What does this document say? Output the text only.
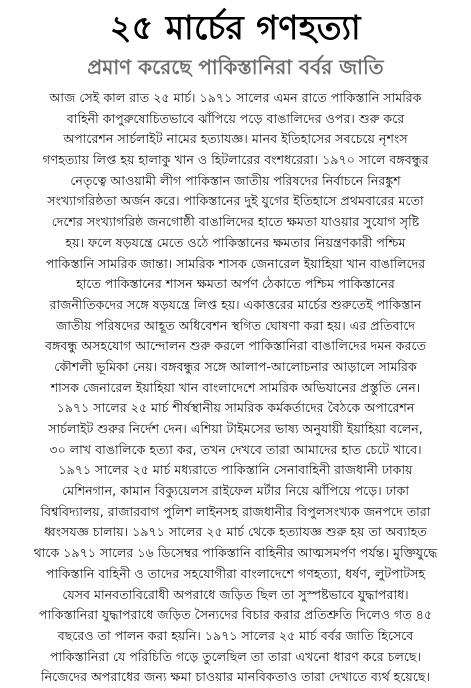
২৫ মার্চের গণহত্যা
প্রমাণ করেছে পাকিস্তানিরা বর্বর জাতি
আজ সেই কাল রাত ২৫ মার্চ। ১৯৭১ সালের এমন রাতে পাকিস্তানি সামরিক
বাহিনী কাপুরুষোচিতভাবে ঝাঁপিয়ে পড়ে বাঙালিদের ওপর। শুরু করে
অপারেশন সার্চলাইট নামের হত্যাযজ্ঞ। মানব ইতিহাসের সবচেয়ে নৃশংস
গণহত্যায় লিপ্ত হয় হালাকু খান ও হিটলারের বংশধরেরা। ১৯৭০ সালে বঙ্গবন্ধুর
নেতৃত্বে আওয়ামী লীগ পাকিস্তান জাতীয় পরিষদের নির্বাচনে নিরঙ্কুশ
সংখ্যাগরিষ্ঠতা অর্জন করে। পাকিস্তানের দুই যুগের ইতিহাসে প্রথমবারের মতো
দেশের সংখ্যাগরিষ্ঠ জনগোষ্ঠী বাঙালিদের হাতে ক্ষমতা যাওয়ার সুযোগ সৃষ্টি
হয়। ফলে ষড়যন্ত্রে মেতে ওঠে পাকিস্তানের ক্ষমতার নিয়ন্ত্রণকারী পশ্চিম
পাকিস্তানি সামরিক জান্তা। সামরিক শাসক জেনারেল ইয়াহিয়া খান বাঙালিদের
হাতে পাকিস্তানের শাসন ক্ষমতা অর্পণ ঠেকাতে পশ্চিম পাকিস্তানের
রাজনীতিকদের সঙ্গে ষড়যন্ত্রে লিপ্ত হয়। একাত্তরের মার্চের শুরুতেই পাকিস্তান
জাতীয় পরিষদের আহূত অধিবেশন স্থগিত ঘোষণা করা হয়। এর প্রতিবাদে
বঙ্গবন্ধু অসহযোগ আন্দোলন শুরু করলে পাকিস্তানিরা বাঙালিদের দমন করতে
কৌশলী ভূমিকা নেয়। বঙ্গবন্ধুর সঙ্গে আলাপ-আলোচনার আড়ালে সামরিক
শাসক জেনারেল ইয়াহিয়া খান বাংলাদেশে সামরিক অভিযানের প্রস্তুতি নেন।
১৯৭১ সালের ২৫ মার্চ শীর্ষস্থানীয় সামরিক কর্মকর্তাদের বৈঠকে অপারেশন
সার্চলাইট শুরুর নির্দেশ দেন। এশিয়া টাইমসের ভাষ্য অনুযায়ী ইয়াহিয়া বলেন,
৩০ লাখ বাঙালিকে হত্যা কর, তখন দেখবে তারা আমাদের হাত চেটে খাবে।
১৯৭১ সালের ২৫ মার্চ মধ্যরাতে পাকিস্তানি সেনাবাহিনী রাজধানী ঢাকায়
মেশিনগান, কামান বিক্যুয়েলস রাইফেল মর্টার নিয়ে ঝাঁপিয়ে পড়ে। ঢাকা
বিশ্ববিদ্যালয়, রাজারবাগ পুলিশ লাইনসহ রাজধানীর বিপুলসংখ্যক জনপদে তারা
ধ্বংসযজ্ঞ চালায়। ১৯৭১ সালের ২৫ মার্চ থেকে হত্যাযজ্ঞ শুরু হয় তা অব্যাহত
থাকে ১৯৭১ সালের ১৬ ডিসেম্বর পাকিস্তানি বাহিনীর আত্মসমর্পণ পর্যন্ত। মুক্তিযুদ্ধে
পাকিস্তানি বাহিনী ও তাদের সহযোগীরা বাংলাদেশে গণহত্যা, ধর্ষণ, লুটপাটসহ
যেসব মানবতাবিরোধী অপরাধে জড়িত ছিল তা সুস্পষ্টভাবে যুদ্ধাপরাধ।
পাকিস্তানিরা যুদ্ধাপরাধে জড়িত সৈন্যদের বিচার করার প্রতিশ্রুতি দিলেও গত ৪৫
বছরেও তা পালন করা হয়নি। ১৯৭১ সালের ২৫ মার্চ বর্বর জাতি হিসেবে
পাকিস্তানিরা যে পরিচিতি গড়ে তুলেছিল তা তারা এখনো ধারণ করে চলছে।
নিজেদের অপরাধের জন্য ক্ষমা চাওয়ার মানবিকতাও তারা দেখাতে ব্যর্থ হয়েছে।
